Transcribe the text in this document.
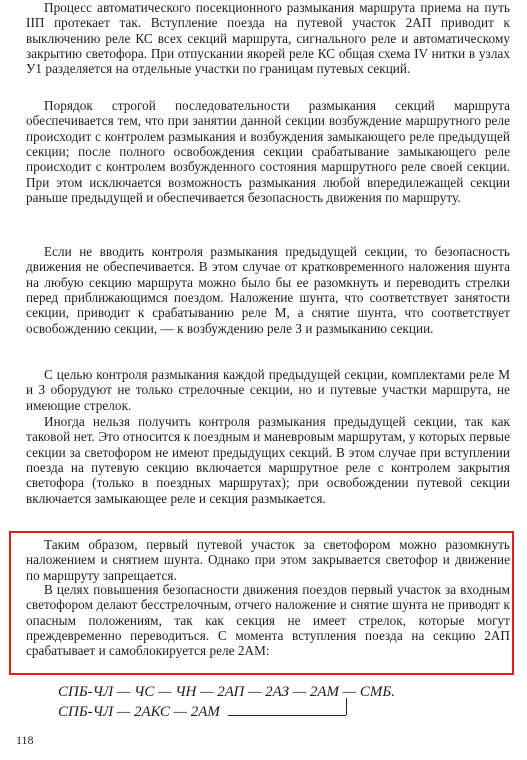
Процесс автоматического посекционного размыкания маршрута приема на путь IIП протекает так. Вступление поезда на путевой участок 2АП приводит к выключению реле КС всех секций маршрута, сигнального реле и автоматическому закрытию светофора. При отпускании якорей реле КС общая схема IV нитки в узлах У1 разделяется на отдельные участки по границам путевых секций.

Порядок строгой последовательности размыкания секций маршрута обеспечивается тем, что при занятии данной секции возбуждение маршрутного реле происходит с контролем размыкания и возбуждения замыкающего реле предыдущей секции; после полного освобождения секции срабатывание замыкающего реле происходит с контролем возбужденного состояния маршрутного реле своей секции. При этом исключается возможность размыкания любой впередилежащей секции раньше предыдущей и обеспечивается безопасность движения по маршруту.

Если не вводить контроля размыкания предыдущей секции, то безопасность движения не обеспечивается. В этом случае от кратковременного наложения шунта на любую секцию маршрута можно было бы ее разомкнуть и переводить стрелки перед приближающимся поездом. Наложение шунта, что соответствует занятости секции, приводит к срабатыванию реле М, а снятие шунта, что соответствует освобождению секции, — к возбуждению реле З и размыканию секции.

С целью контроля размыкания каждой предыдущей секции, комплектами реле М и З оборудуют не только стрелочные секции, но и путевые участки маршрута, не имеющие стрелок.

Иногда нельзя получить контроля размыкания предыдущей секции, так как таковой нет. Это относится к поездным и маневровым маршрутам, у которых первые секции за светофором не имеют предыдущих секций. В этом случае при вступлении поезда на путевую секцию включается маршрутное реле с контролем закрытия светофора (только в поездных маршрутах); при освобождении путевой секции включается замыкающее реле и секция размыкается.

Таким образом, первый путевой участок за светофором можно разомкнуть наложением и снятием шунта. Однако при этом закрывается светофор и движение по маршруту запрещается.

В целях повышения безопасности движения поездов первый участок за входным светофором делают бесстрелочным, отчего наложение и снятие шунта не приводят к опасным положениям, так как секция не имеет стрелок, которые могут преждевременно переводиться. С момента вступления поезда на секцию 2АП срабатывает и самоблокируется реле 2АМ:

СПБ-ЧЛ — ЧС — ЧН — 2АП — 2АЗ — 2АМ — СМБ.
СПБ-ЧЛ — 2АКС — 2АМ
118
